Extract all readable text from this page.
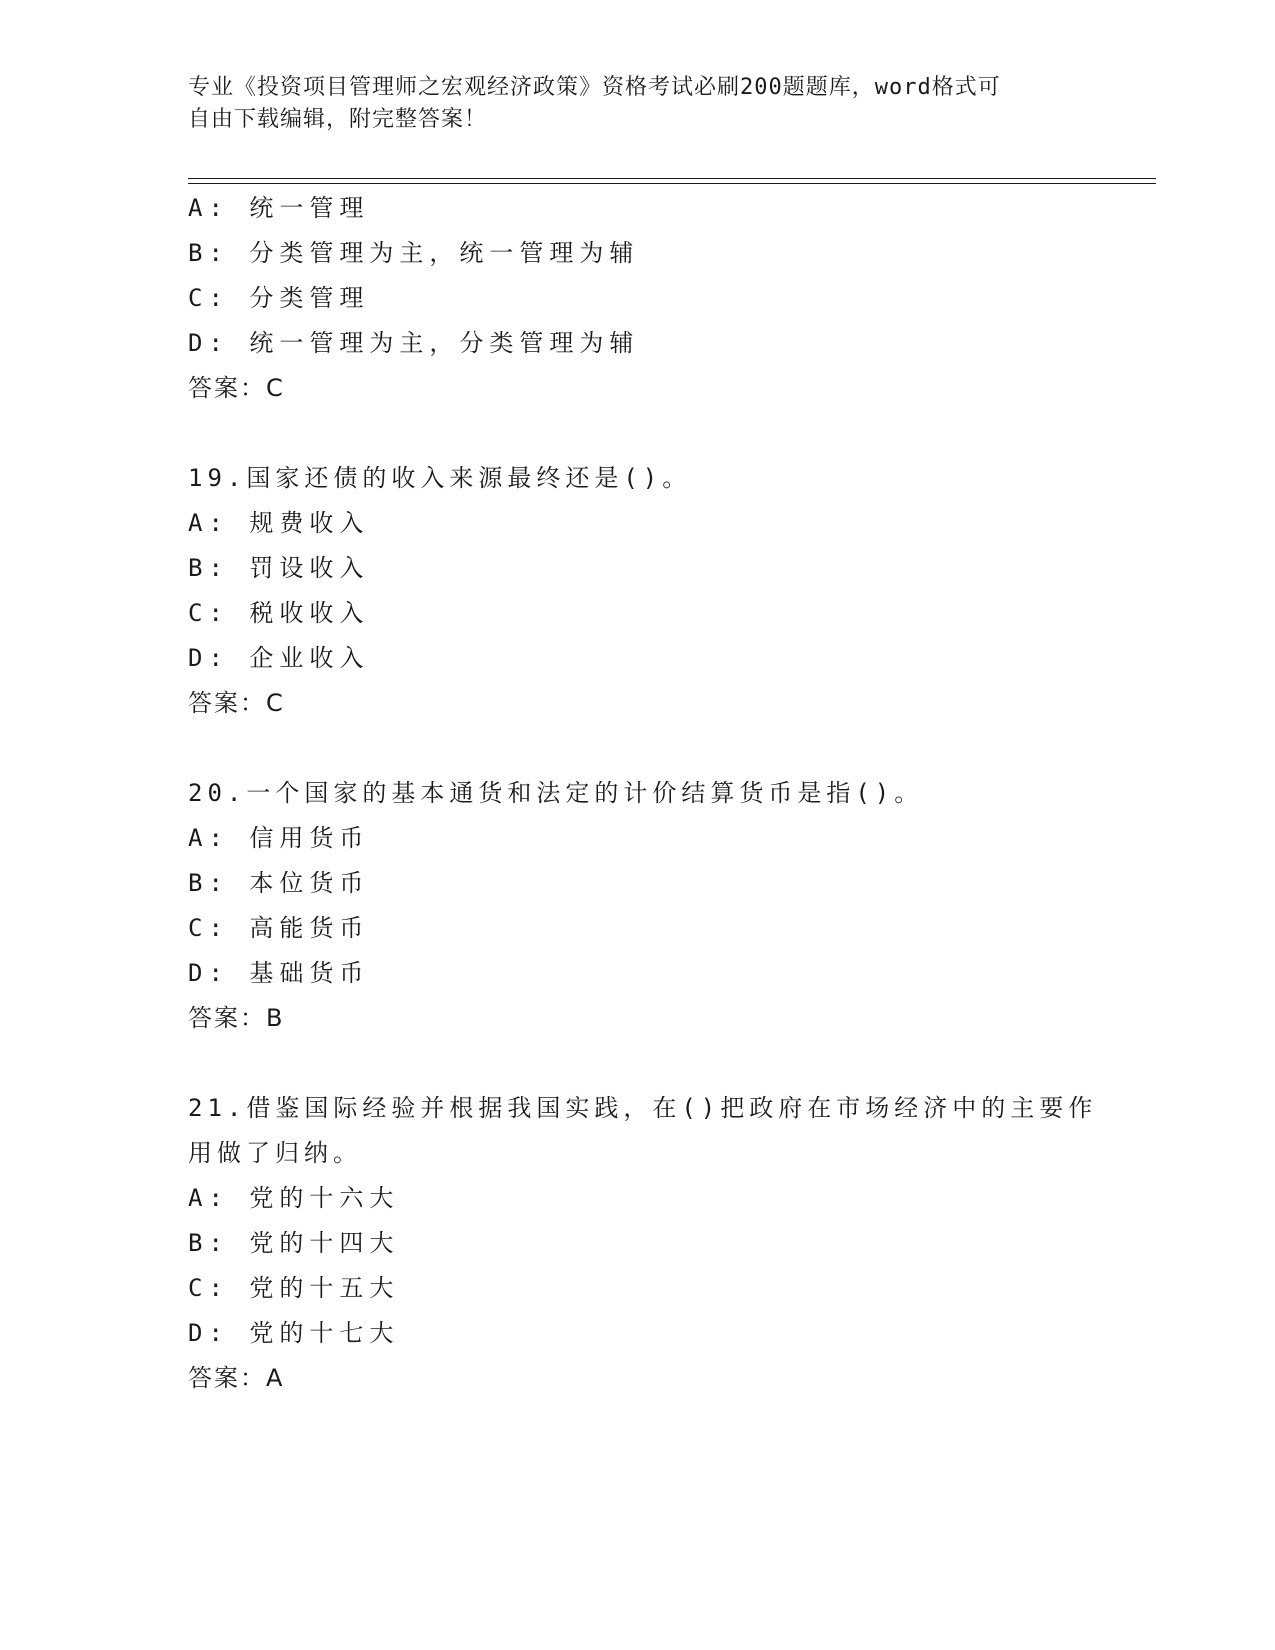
专业《投资项目管理师之宏观经济政策》资格考试必刷200题题库，word格式可
自由下载编辑，附完整答案！
A: 统一管理
B: 分类管理为主，统一管理为辅
C: 分类管理
D: 统一管理为主，分类管理为辅
答案：C
19.国家还债的收入来源最终还是()。
A: 规费收入
B: 罚设收入
C: 税收收入
D: 企业收入
答案：C
20.一个国家的基本通货和法定的计价结算货币是指()。
A: 信用货币
B: 本位货币
C: 高能货币
D: 基础货币
答案：B
21.借鉴国际经验并根据我国实践，在()把政府在市场经济中的主要作
用做了归纳。
A: 党的十六大
B: 党的十四大
C: 党的十五大
D: 党的十七大
答案：A
